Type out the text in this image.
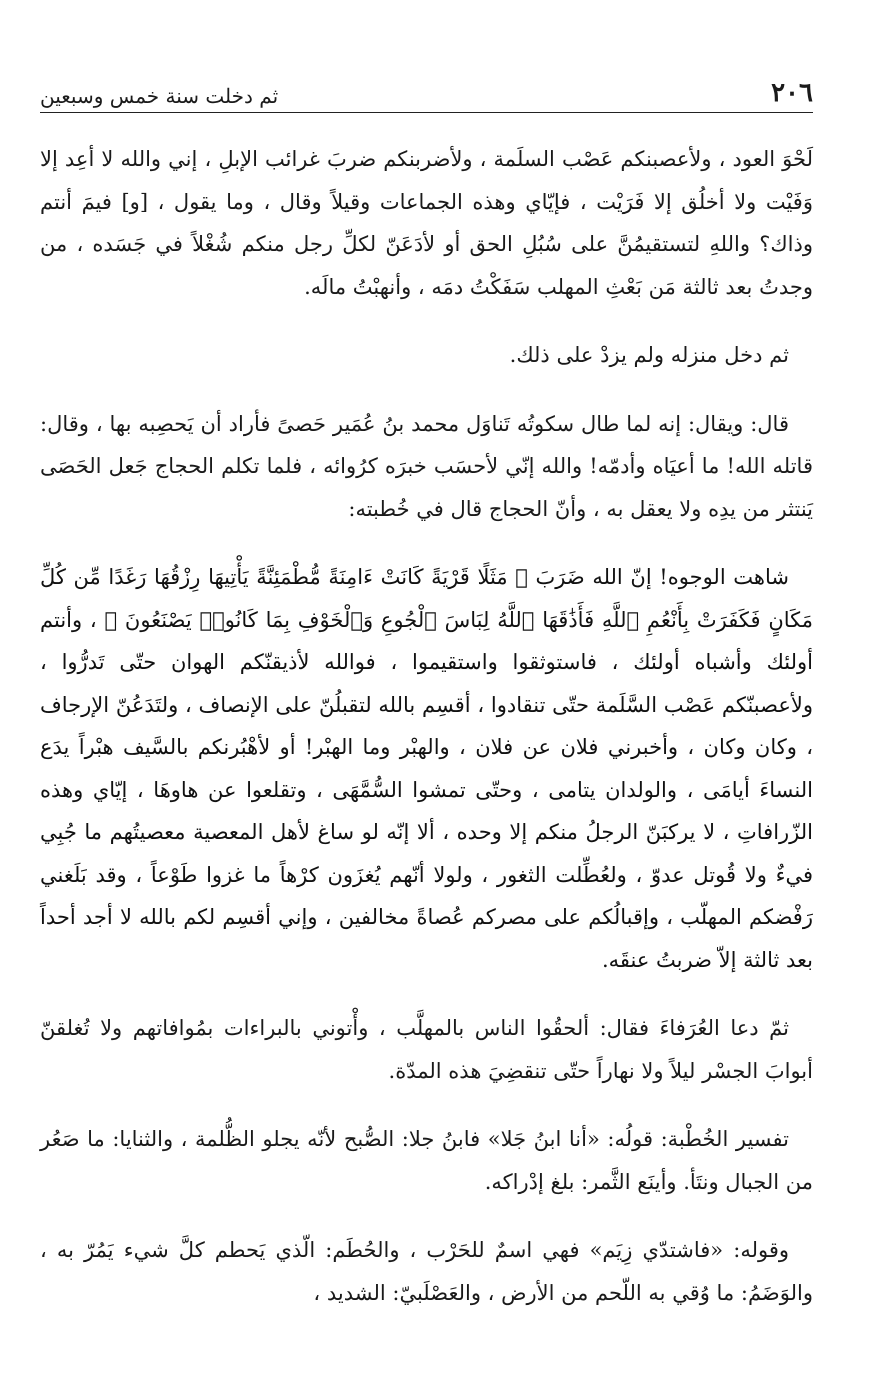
٢٠٦
ثم دخلت سنة خمس وسبعين

لَحْوَ العود ، ولأعصبنكم عَصْب السلَمة ، ولأضربنكم ضربَ غرائب الإبلِ ، إني والله لا أعِد إلا وَفَيْت ولا أخلُق إلا فَرَيْت ، فإيّاي وهذه الجماعات وقيلاً وقال ، وما يقول ، [و] فيمَ أنتم وذاك؟ واللهِ لتستقيمُنَّ على سُبُلِ الحق أو لأدَعَنّ لكلِّ رجل منكم شُغْلاً في جَسَده ، من وجدتُ بعد ثالثة مَن بَعْثِ المهلب سَفَكْتُ دمَه ، وأنهبْتُ مالَه.

ثم دخل منزله ولم يزدْ على ذلك.

قال: ويقال: إنه لما طال سكوتُه تَناوَل محمد بنُ عُمَير حَصىً فأراد أن يَحصِبه بها ، وقال: قاتله الله! ما أعيَاه وأدمّه! والله إنّي لأحسَب خبرَه كرُوائه ، فلما تكلم الحجاج جَعل الحَصَى يَنتثر من يدِه ولا يعقل به ، وأنّ الحجاج قال في خُطبته:

شاهت الوجوه! إنّ الله ضَرَبَ ﴿ مَثَلًا قَرْيَةً كَانَتْ ءَامِنَةً مُّطْمَئِنَّةً يَأْتِيهَا رِزْقُهَا رَغَدًا مِّن كُلِّ مَكَانٍ فَكَفَرَتْ بِأَنْعُمِ ٱللَّهِ فَأَذَٰقَهَا ٱللَّهُ لِبَاسَ ٱلْجُوعِ وَٱلْخَوْفِ بِمَا كَانُوا۟ يَصْنَعُونَ ﴾ ، وأنتم أولئك وأشباه أولئك ، فاستوثقوا واستقيموا ، فوالله لأذيقنّكم الهوان حتّى تَدرُّوا ، ولأعصبنّكم عَصْب السَّلَمة حتّى تنقادوا ، أقسِم بالله لتقبلُنّ على الإنصاف ، ولتَدَعُنّ الإرجاف ، وكان وكان ، وأخبرني فلان عن فلان ، والهبْر وما الهبْر! أو لأهْبُرنكم بالسَّيف هبْراً يدَع النساءَ أيامَى ، والولدان يتامى ، وحتّى تمشوا السُّمَّهَى ، وتقلعوا عن هاوهَا ، إيّاي وهذه الزّرافاتِ ، لا يركبَنّ الرجلُ منكم إلا وحده ، ألا إنّه لو ساغ لأهل المعصية معصيتُهم ما جُبِي فيءٌ ولا قُوتل عدوّ ، ولعُطِّلت الثغور ، ولولا أنّهم يُغزَون كرْهاً ما غزوا طَوْعاً ، وقد بَلَغني رَفْضكم المهلّب ، وإقبالُكم على مصركم عُصاةً مخالفين ، وإني أقسِم لكم بالله لا أجد أحداً بعد ثالثة إلاّ ضربتُ عنقَه.

ثمّ دعا العُرَفاءَ فقال: ألحقُوا الناس بالمهلَّب ، وأْتوني بالبراءات بمُوافاتهم ولا تُغلقنّ أبوابَ الجسْر ليلاً ولا نهاراً حتّى تنقضِيَ هذه المدّة.

تفسير الخُطْبة: قولُه: «أنا ابنُ جَلا» فابنُ جلا: الصُّبح لأنّه يجلو الظُّلمة ، والثنايا: ما صَعُر من الجبال ونتَأ. وأينَع الثَّمر: بلغ إدْراكه.

وقوله: «فاشتدّي زِيَم» فهي اسمٌ للحَرْب ، والحُطَم: الّذي يَحطم كلَّ شيء يَمُرّ به ، والوَضَمُ: ما وُقي به اللّحم من الأرض ، والعَصْلَبيّ: الشديد ،
